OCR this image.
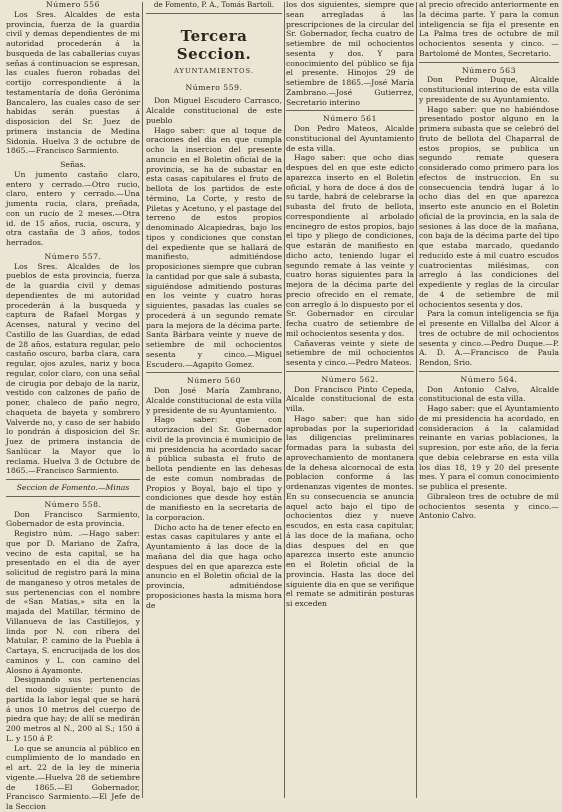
Número 556

Los Sres. Alcaldes de esta provincia, fuerza de la guardia civil y demas dependientes de mi autoridad procederán á la busqueda de las caballerias cuyas señas á continuacion se espresan, las cuales fueron robadas del cortijo correspondiente á la testamentaría de doña Gerónima Bancalero, las cuales caso de ser habidas serán puestas á disposicion del Sr. Juez de primera instancia de Medina Sidonia. Huelva 3 de octubre de 1865.—Francisco Sarmiento.

Señas.

Un jumento castaño claro, entero y cerrado.—Otro rucio, claro, entero y cerrado.—Una jumenta rucia, clara, preñada, con un rucio de 2 meses.—Otra id. de 15 años, rucia, oscura, y otra castaña de 3 años, todos herrados.

Número 557.

Los Sres. Alcaldes de los pueblos de esta provincia, fuerza de la guardia civil y demas dependientes de mi autoridad procederán á la busqueda y captura de Rafael Morgas y Acenses, natural y vecino del Castillo de las Guardias, de edad de 28 años, estatura regular, pelo castaño oscuro, barba clara, cara regular, ojos azules, nariz y boca regular, color claro, con una señal de cirugia por debajo de la nariz, vestido con calzones de paño de poner, chaleco de paño negro, chaqueta de bayeta y sombrero Valverde no, y caso de ser habido lo pondrán á disposicion del Sr. Juez de primera instancia de Sanlúcar la Mayor que lo reclama. Huelva 3 de Octubre de 1865.—Francisco Sarmiento.

Seccion de Fomento.—Minas
Número 558.

Don Francisco Sarmiento, Gobernador de esta provincia.

Registro núm. .—Hago saber: que por D. Mariano de Zafra, vecino de esta capital, se ha presentado en el dia de ayer solicitud de registro pará la mina de manganeso y otros metales de sus pertenencias con el nombre de «San Matias,» sita en la majada del Matillar, término de Villanueva de las Castillejos, y linda por N. con ribera del Matular, P. camino de la Puebla á Cartaya, S. encrucijada de los dos caminos y L. con camino del Alosno á Ayamonte.

Designando sus pertenencias del modo siguiente: punto de partida la labor legal que se hará á unos 10 metros del cuerpo de piedra que hay; de allí se medirán 200 metros al N., 200 al S.; 150 á L. y 150 á P.

Lo que se anuncia al público en cumplimiento de lo mandado en el art. 22 de la ley de mineria vigente.—Huelva 28 de setiembre de 1865.—El Gobernador, Francisco Sarmiento.—El Jefe de la Seccion

de Fomento, P. A., Tomás Bartoli.
Tercera Seccion.
AYUNTAMIENTOS.
Número 559.

Don Miguel Escudero Carrasco, Alcalde constitucional de este pueblo

Hago saber: que al toque de oraciones del dia en que cumpla ocho la insercion del presente anuncio en el Boletin oficial de la provincia, se ha de subastar en esta casas capitulares el fruto de bellota de los partidos de este término, La Corte, y resto de Piletas y Acetuno, y el pastage del terreno de estos propios denominado Alcapiedras, bajo los tipos y condiciones que constan del expediente que se hallará de manifiesto, admitiéndose proposiciones siempre que cubran la cantidad por que sale á subasta, siguiéndose admitiendo posturas en los veinte y cuatro horas siguientes, pasadas las cuales se procederá á un segundo remate para la mejora de la décima parte. Santa Bárbara veinte y nueve de setiembre de mil ochocientos sesenta y cinco.—Miguel Escudero.—Agapito Gomez.

Número 560

Don José María Zambrano, Alcalde constitucional de esta villa y presidente de su Ayuntamiento.

Hago saber: que con autorizacion del Sr. Gobernador civil de la provincia é municipio de mi presidencia ha acordado sacar á pública subasta el fruto de bellota pendiente en las dehesas de este comun nombradas de Propios y Boyal, bajo el tipo y condiciones que desde hoy están de manifiesto en la secretaria de la corporacion.

Dicho acto ha de tener efecto en estas casas capitulares y ante el Ayuntamiento á las doce de la mañana del dia que haga ocho despues del en que aparezca este anuncio en el Boletin oficial de la provincia, admitiéndose proposiciones hasta la misma hora de

los dos siguientes, siempre que sean arregladas á las prescripciones de la circular del Sr. Gobernador, fecha cuatro de setiembre de mil ochocientos sesenta y dos. Y para conocimiento del público se fija el presente. Hinojos 29 de setiembre de 1865.—José María Zambrano.—José Gutierrez, Secretario interino

Número 561

Don Pedro Mateos, Alcalde constitucional del Ayuntamiento de esta villa.

Hago saber: que ocho dias despues del en que este edicto aparezca inserto en el Boletin oficial, y hora de doce á dos de su tarde, habrá de celebrarse la subasta del fruto de bellota, correspondiente al arbolado encinegro de estos propios, bajo el tipo y pliego de condiciones, que estarán de manifiesto en dicho acto, teniendo lugar el segundo remate á las veinte y cuatro horas siguientes para la mejora de la décima parte del precio ofrecido en el remate, con arreglo á lo dispuesto por el Sr. Gobernador en circular fecha cuatro de setiembre de mil ochocientos sesenta y dos.

Cañaveras veinte y siete de setiembre de mil ochocientos sesenta y cinco.—Pedro Mateos.

Número 562.

Don Francisco Pinto Cepeda, Alcalde constitucional de esta villa.

Hago saber: que han sido aprobadas por la superioridad las diligencias preliminares formadas para la subasta del aprovechamiento de montanera de la dehesa alcornocal de esta poblacion conforme á las ordenanzas vigentes de montes. En su consecuencia se anuncia aquel acto bajo el tipo de ochocientos diez y nueve escudos, en esta casa capitular, á las doce de la mañana, ocho dias despues del en que aparezca inserto este anuncio en el Boletin oficial de la provincia. Hasta las doce del siguiente dia en que se verifique el remate se admitirán posturas si exceden

al precio ofrecido anteriormente en la décima parte. Y para la comun inteligencia se fija el presente en La Palma tres de octubre de mil ochocientos sesenta y cinco. —Bartolomé de Montes, Secretario.

Número 563

Don Pedro Duque, Alcalde constitucional interino de esta villa y presidente de su Ayuntamiento.

Hago saber: que no habiéndose presentado postor alguno en la primera subasta que se celebró del fruto de bellota del Chaparral de estos propios, se publica un segundo remate quesera considerado como primero para los efectos de instruccion. En su consecuencia tendrá lugar á lo ocho dias del en que aparezca inserto este anuncio en el Boletin oficial de la provincia, en la sala de sesiones á las doce de la mañana, con baja de la décima parte del tipo que estaba marcado, quedando reducido este á mil cuatro escudos cuatrocientas milésimas, con arreglo á las condiciones del expediente y reglas de la circular de 4 de setiembre de mil ochocientos sesenta y dos.

Para la comun inteligencia se fija el presente en Villalba del Alcor á tres de octubre de mil ochocientos sesenta y cinco.—Pedro Duque.—P. A. D. A.—Francisco de Paula Rendon, Srio.

Número 564.

Don Antonio Calvo, Alcalde constitucional de esta villa.

Hago saber: que el Ayuntamiento de mi presidencia ha acordado, en consideracion á la calamidad reinante en varias poblaciones, la supresion, por este año, de la feria que debia celebrarse en esta villa los dias 18, 19 y 20 del presente mes. Y para el comun conocimiento se publica el presente.

Gibraleon tres de octubre de mil ochocientos sesenta y cinco.—Antonio Calvo.
